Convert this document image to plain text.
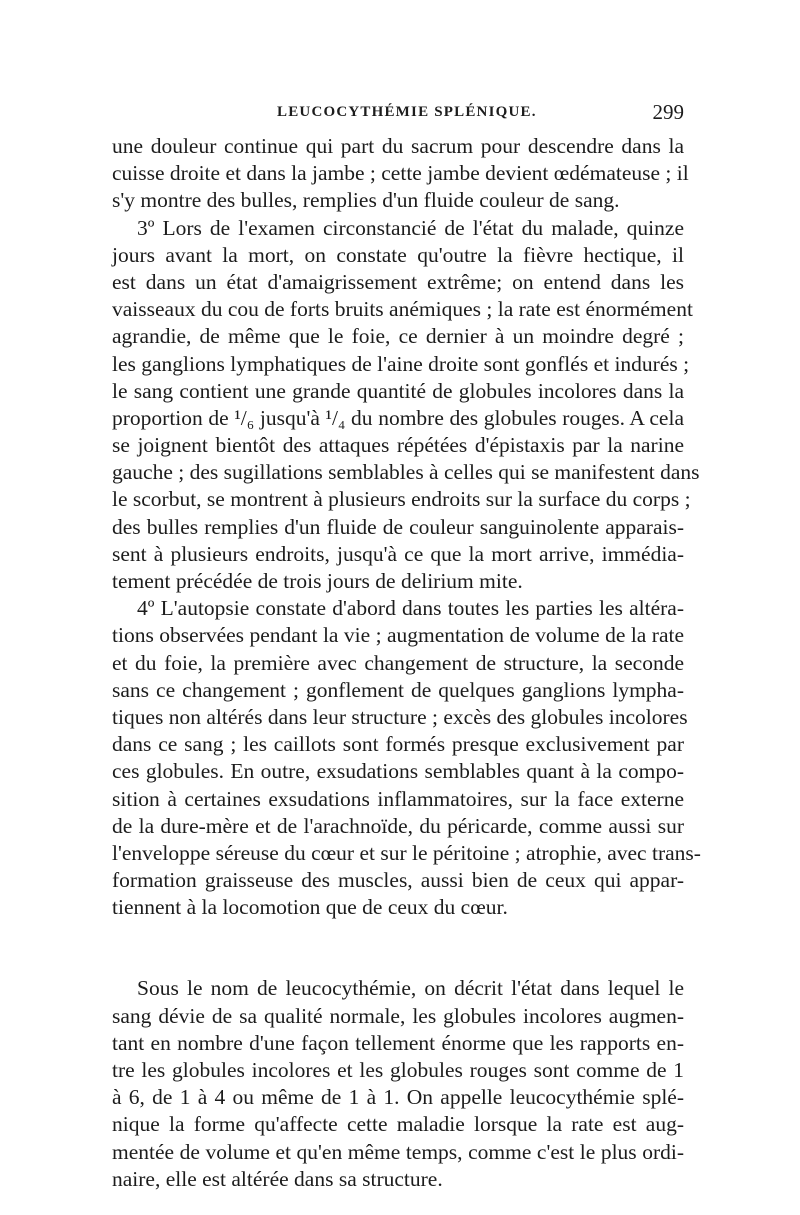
LEUCOCYTHÉMIE SPLÉNIQUE.	299
une douleur continue qui part du sacrum pour descendre dans la
cuisse droite et dans la jambe ; cette jambe devient œdémateuse ; il
s'y montre des bulles, remplies d'un fluide couleur de sang.
3º Lors de l'examen circonstancié de l'état du malade, quinze
jours avant la mort, on constate qu'outre la fièvre hectique, il
est dans un état d'amaigrissement extrême; on entend dans les
vaisseaux du cou de forts bruits anémiques ; la rate est énormément
agrandie, de même que le foie, ce dernier à un moindre degré ;
les ganglions lymphatiques de l'aine droite sont gonflés et indurés ;
le sang contient une grande quantité de globules incolores dans la
proportion de ¹/₆ jusqu'à ¹/₄ du nombre des globules rouges. A cela
se joignent bientôt des attaques répétées d'épistaxis par la narine
gauche ; des sugillations semblables à celles qui se manifestent dans
le scorbut, se montrent à plusieurs endroits sur la surface du corps ;
des bulles remplies d'un fluide de couleur sanguinolente apparais-
sent à plusieurs endroits, jusqu'à ce que la mort arrive, immédia-
tement précédée de trois jours de delirium mite.
4º L'autopsie constate d'abord dans toutes les parties les altéra-
tions observées pendant la vie ; augmentation de volume de la rate
et du foie, la première avec changement de structure, la seconde
sans ce changement ; gonflement de quelques ganglions lympha-
tiques non altérés dans leur structure ; excès des globules incolores
dans ce sang ; les caillots sont formés presque exclusivement par
ces globules. En outre, exsudations semblables quant à la compo-
sition à certaines exsudations inflammatoires, sur la face externe
de la dure-mère et de l'arachnoïde, du péricarde, comme aussi sur
l'enveloppe séreuse du cœur et sur le péritoine ; atrophie, avec trans-
formation graisseuse des muscles, aussi bien de ceux qui appar-
tiennent à la locomotion que de ceux du cœur.
Sous le nom de leucocythémie, on décrit l'état dans lequel le
sang dévie de sa qualité normale, les globules incolores augmen-
tant en nombre d'une façon tellement énorme que les rapports en-
tre les globules incolores et les globules rouges sont comme de 1
à 6, de 1 à 4 ou même de 1 à 1. On appelle leucocythémie splé-
nique la forme qu'affecte cette maladie lorsque la rate est aug-
mentée de volume et qu'en même temps, comme c'est le plus ordi-
naire, elle est altérée dans sa structure.
